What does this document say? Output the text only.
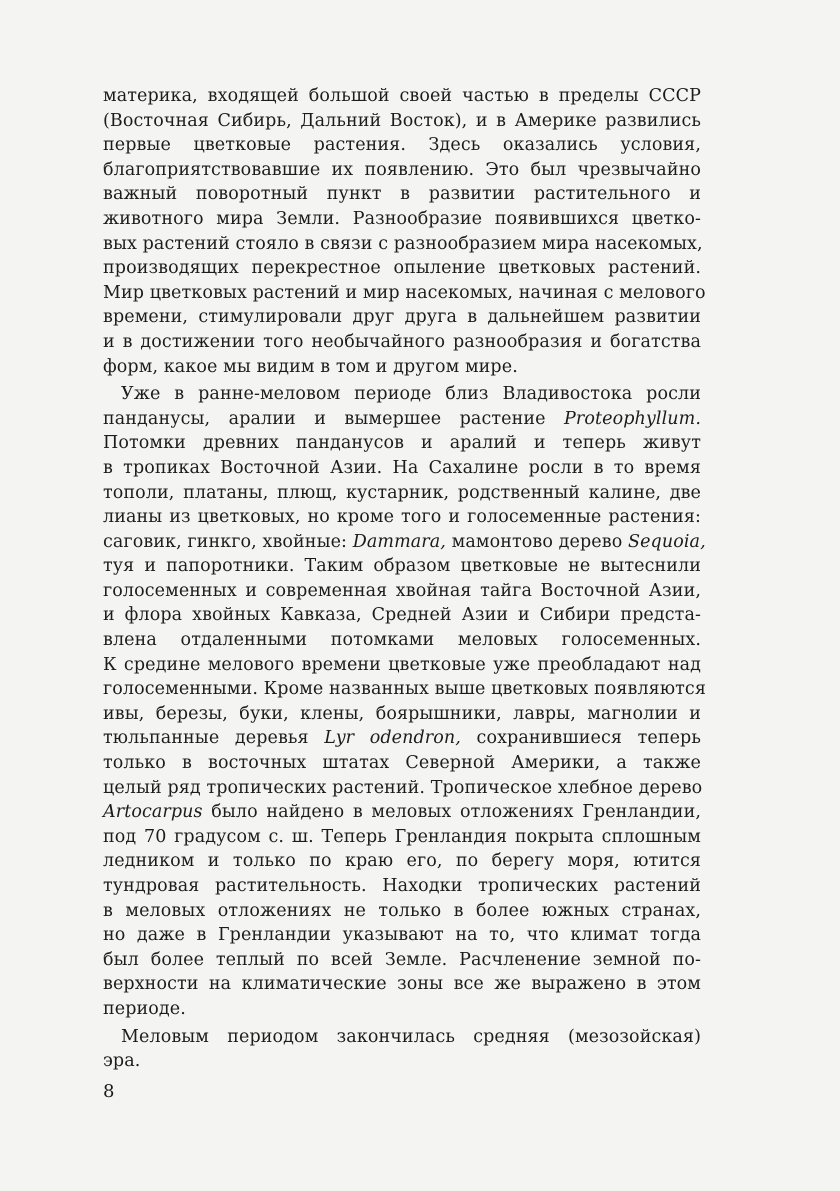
материка, входящей большой своей частью в пределы СССР
(Восточная Сибирь, Дальний Восток), и в Америке развились
первые цветковые растения. Здесь оказались условия,
благоприятствовавшие их появлению. Это был чрезвычайно
важный поворотный пункт в развитии растительного и
животного мира Земли. Разнообразие появившихся цветко-
вых растений стояло в связи с разнообразием мира насекомых,
производящих перекрестное опыление цветковых растений.
Мир цветковых растений и мир насекомых, начиная с мелового
времени, стимулировали друг друга в дальнейшем развитии
и в достижении того необычайного разнообразия и богатства
форм, какое мы видим в том и другом мире.
Уже в ранне-меловом периоде близ Владивостока росли
панданусы, аралии и вымершее растение Proteophyllum.
Потомки древних панданусов и аралий и теперь живут
в тропиках Восточной Азии. На Сахалине росли в то время
тополи, платаны, плющ, кустарник, родственный калине, две
лианы из цветковых, но кроме того и голосеменные растения:
саговик, гинкго, хвойные: Dammara, мамонтово дерево Sequoia,
туя и папоротники. Таким образом цветковые не вытеснили
голосеменных и современная хвойная тайга Восточной Азии,
и флора хвойных Кавказа, Средней Азии и Сибири предста-
влена отдаленными потомками меловых голосеменных.
К средине мелового времени цветковые уже преобладают над
голосеменными. Кроме названных выше цветковых появляются
ивы, березы, буки, клены, боярышники, лавры, магнолии и
тюльпанные деревья Lyr odendron, сохранившиеся теперь
только в восточных штатах Северной Америки, а также
целый ряд тропических растений. Тропическое хлебное дерево
Artocarpus было найдено в меловых отложениях Гренландии,
под 70 градусом с. ш. Теперь Гренландия покрыта сплошным
ледником и только по краю его, по берегу моря, ютится
тундровая растительность. Находки тропических растений
в меловых отложениях не только в более южных странах,
но даже в Гренландии указывают на то, что климат тогда
был более теплый по всей Земле. Расчленение земной по-
верхности на климатические зоны все же выражено в этом
периоде.
Меловым периодом закончилась средняя (мезозойская)
эра.
8
